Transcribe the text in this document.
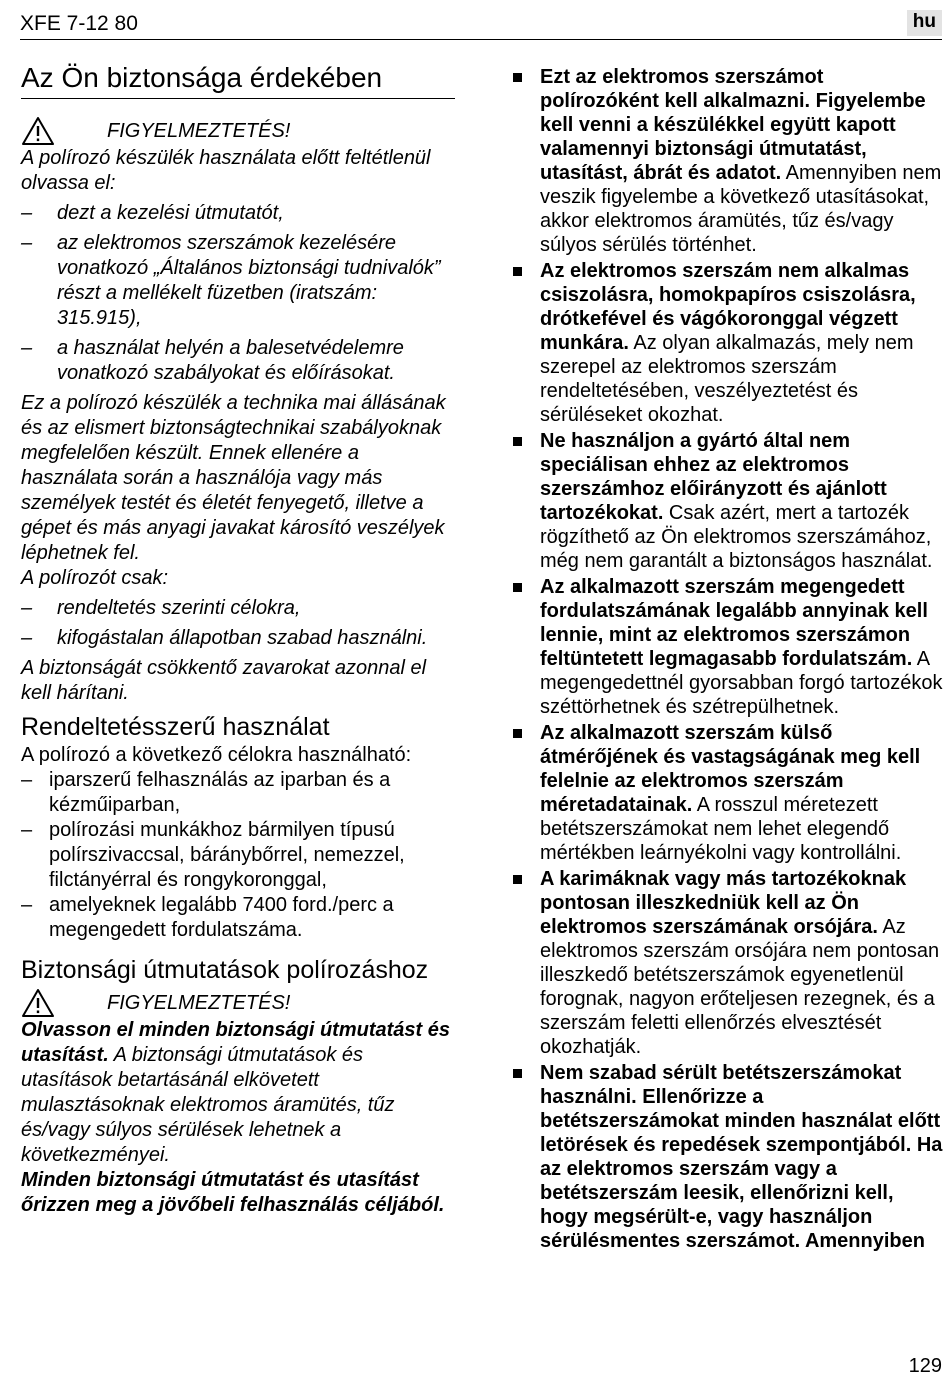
XFE 7-12 80	hu
Az Ön biztonsága érdekében
FIGYELMEZTETÉS!
A polírozó készülék használata előtt feltétlenül olvassa el:
–	dezt a kezelési útmutatót,
–	az elektromos szerszámok kezelésére vonatkozó „Általános biztonsági tudnivalók” részt a mellékelt füzetben (iratszám: 315.915),
–	a használat helyén a balesetvédelemre vonatkozó szabályokat és előírásokat.
Ez a polírozó készülék a technika mai állásának és az elismert biztonságtechnikai szabályoknak megfelelően készült. Ennek ellenére a használata során a használója vagy más személyek testét és életét fenyegető, illetve a gépet és más anyagi javakat károsító veszélyek léphetnek fel.
A polírozót csak:
–	rendeltetés szerinti célokra,
–	kifogástalan állapotban szabad használni.
A biztonságát csökkentő zavarokat azonnal el kell hárítani.
Rendeltetésszerű használat
A polírozó a következő célokra használható:
– iparszerű felhasználás az iparban és a kézműiparban,
– polírozási munkákhoz bármilyen típusú polírszivaccsal, báránybőrrel, nemezzel, filctányérral és rongykoronggal,
– amelyeknek legalább 7400 ford./perc a megengedett fordulatszáma.
Biztonsági útmutatások polírozáshoz
FIGYELMEZTETÉS!
Olvasson el minden biztonsági útmutatást és utasítást. A biztonsági útmutatások és utasítások betartásánál elkövetett mulasztásoknak elektromos áramütés, tűz és/vagy súlyos sérülések lehetnek a következményei.
Minden biztonsági útmutatást és utasítást őrizzen meg a jövőbeli felhasználás céljából.
Ezt az elektromos szerszámot polírozóként kell alkalmazni. Figyelembe kell venni a készülékkel együtt kapott valamennyi biztonsági útmutatást, utasítást, ábrát és adatot. Amennyiben nem veszik figyelembe a következő utasításokat, akkor elektromos áramütés, tűz és/vagy súlyos sérülés történhet.
Az elektromos szerszám nem alkalmas csiszolásra, homokpapíros csiszolásra, drótkefével és vágókoronggal végzett munkára. Az olyan alkalmazás, mely nem szerepel az elektromos szerszám rendeltetésében, veszélyeztetést és sérüléseket okozhat.
Ne használjon a gyártó által nem speciálisan ehhez az elektromos szerszámhoz előirányzott és ajánlott tartozékokat. Csak azért, mert a tartozék rögzíthető az Ön elektromos szerszámához, még nem garantált a biztonságos használat.
Az alkalmazott szerszám megengedett fordulatszámának legalább annyinak kell lennie, mint az elektromos szerszámon feltüntetett legmagasabb fordulatszám. A megengedettnél gyorsabban forgó tartozékok széttörhetnek és szétrepülhetnek.
Az alkalmazott szerszám külső átmérőjének és vastagságának meg kell felelnie az elektromos szerszám méretadatainak. A rosszul méretezett betétszerszámokat nem lehet elegendő mértékben leárnyékolni vagy kontrollálni.
A karimáknak vagy más tartozékoknak pontosan illeszkedniük kell az Ön elektromos szerszámának orsójára. Az elektromos szerszám orsójára nem pontosan illeszkedő betétszerszámok egyenetlenül forognak, nagyon erőteljesen rezegnek, és a szerszám feletti ellenőrzés elvesztését okozhatják.
Nem szabad sérült betétszerszámokat használni. Ellenőrizze a betétszerszámokat minden használat előtt letörések és repedések szempontjából. Ha az elektromos szerszám vagy a betétszerszám leesik, ellenőrizni kell, hogy megsérült-e, vagy használjon sérülésmentes szerszámot. Amennyiben
129
